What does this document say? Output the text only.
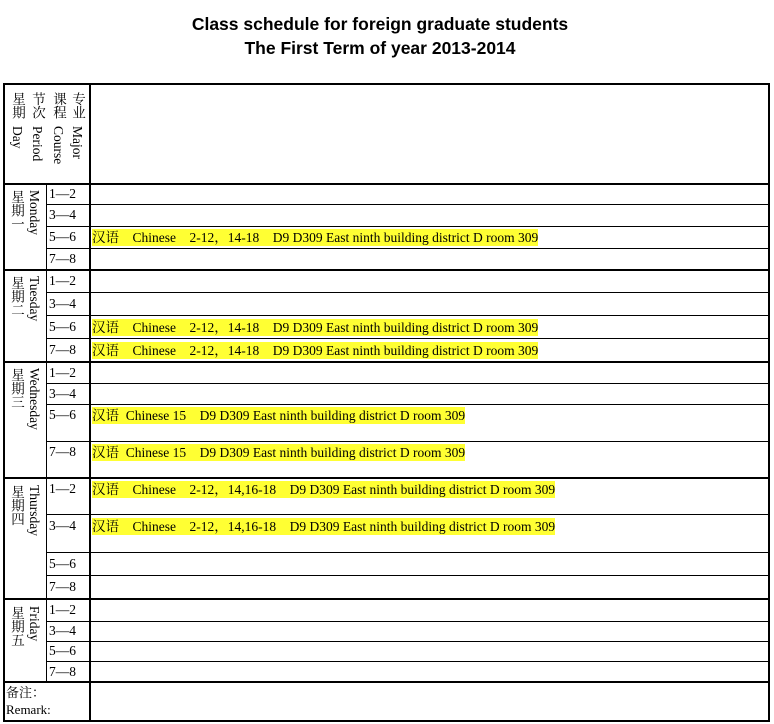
Class schedule for foreign graduate students
The First Term of year 2013-2014
专业
Major
课程
Course
节次
Period
星期
Day
Monday
星期一
Tuesday
星期二
Wednesday
星期三
Thursday
星期四
Friday
星期五
1—2
3—4
5—6
7—8
1—2
3—4
5—6
7—8
1—2
3—4
5—6
7—8
1—2
3—4
5—6
7—8
1—2
3—4
5—6
7—8
汉语    Chinese    2-12，14-18    D9 D309 East ninth building district D room 309
汉语    Chinese    2-12，14-18    D9 D309 East ninth building district D room 309
汉语    Chinese    2-12，14-18    D9 D309 East ninth building district D room 309
汉语  Chinese 15    D9 D309 East ninth building district D room 309
汉语  Chinese 15    D9 D309 East ninth building district D room 309
汉语    Chinese    2-12，14,16-18    D9 D309 East ninth building district D room 309
汉语    Chinese    2-12，14,16-18    D9 D309 East ninth building district D room 309
备注：
Remark:
